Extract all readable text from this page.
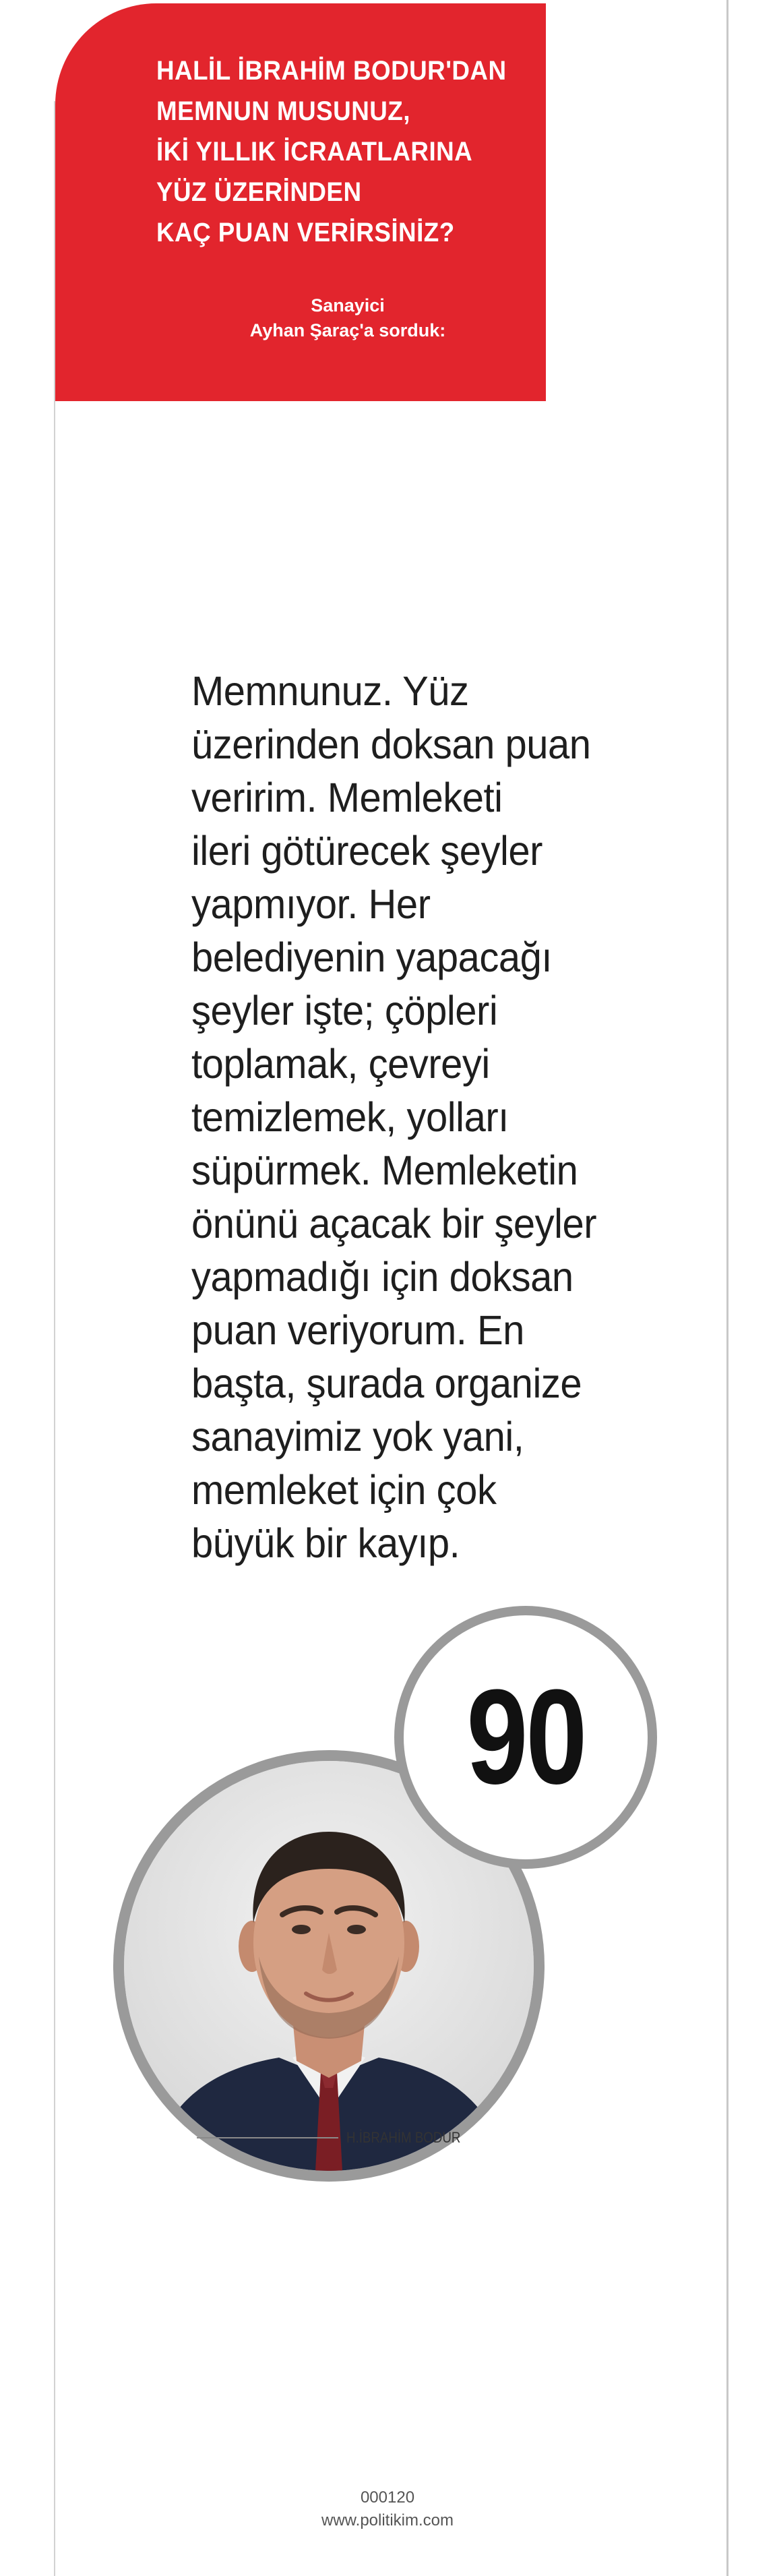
HALİL İBRAHİM BODUR'DAN
MEMNUN MUSUNUZ,
İKİ YILLIK İCRAATLARINA
YÜZ ÜZERİNDEN
KAÇ PUAN VERİRSİNİZ?
Sanayici
Ayhan Şaraç'a sorduk:
Memnunuz. Yüz
üzerinden doksan puan
veririm. Memleketi
ileri götürecek şeyler
yapmıyor. Her
belediyenin yapacağı
şeyler işte; çöpleri
toplamak, çevreyi
temizlemek, yolları
süpürmek. Memleketin
önünü açacak bir şeyler
yapmadığı için doksan
puan veriyorum. En
başta, şurada organize
sanayimiz yok yani,
memleket için çok
büyük bir kayıp.
90
H.İBRAHİM BODUR
000120
www.politikim.com
